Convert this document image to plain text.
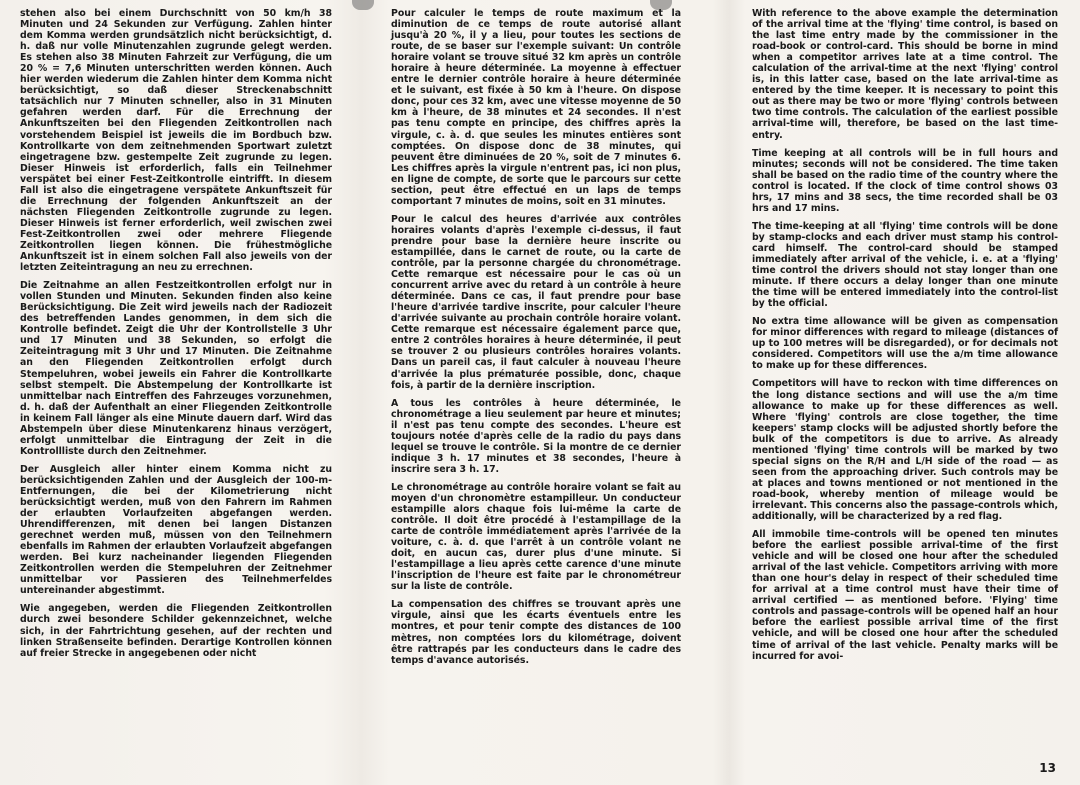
stehen also bei einem Durchschnitt von 50 km/h 38 Minuten und 24 Sekunden zur Verfügung. Zahlen hinter dem Komma werden grundsätzlich nicht berücksichtigt, d. h. daß nur volle Minutenzahlen zugrunde gelegt werden. Es stehen also 38 Minuten Fahrzeit zur Verfügung, die um 20 % = 7,6 Minuten unterschritten werden können. Auch hier werden wiederum die Zahlen hinter dem Komma nicht berücksichtigt, so daß dieser Streckenabschnitt tatsächlich nur 7 Minuten schneller, also in 31 Minuten gefahren werden darf. Für die Errechnung der Ankunftszeiten bei den Fliegenden Zeitkontrollen nach vorstehendem Beispiel ist jeweils die im Bordbuch bzw. Kontrollkarte von dem zeitnehmenden Sportwart zuletzt eingetragene bzw. gestempelte Zeit zugrunde zu legen. Dieser Hinweis ist erforderlich, falls ein Teilnehmer verspätet bei einer Fest-Zeitkontrolle eintrifft. In diesem Fall ist also die eingetragene verspätete Ankunftszeit für die Errechnung der folgenden Ankunftszeit an der nächsten Fliegenden Zeitkontrolle zugrunde zu legen. Dieser Hinweis ist ferner erforderlich, weil zwischen zwei Fest-Zeitkontrollen zwei oder mehrere Fliegende Zeitkontrollen liegen können. Die frühestmögliche Ankunftszeit ist in einem solchen Fall also jeweils von der letzten Zeiteintragung an neu zu errechnen.

Die Zeitnahme an allen Festzeitkontrollen erfolgt nur in vollen Stunden und Minuten. Sekunden finden also keine Berücksichtigung. Die Zeit wird jeweils nach der Radiozeit des betreffenden Landes genommen, in dem sich die Kontrolle befindet. Zeigt die Uhr der Kontrollstelle 3 Uhr und 17 Minuten und 38 Sekunden, so erfolgt die Zeiteintragung mit 3 Uhr und 17 Minuten. Die Zeitnahme an den Fliegenden Zeitkontrollen erfolgt durch Stempeluhren, wobei jeweils ein Fahrer die Kontrollkarte selbst stempelt. Die Abstempelung der Kontrollkarte ist unmittelbar nach Eintreffen des Fahrzeuges vorzunehmen, d. h. daß der Aufenthalt an einer Fliegenden Zeitkontrolle in keinem Fall länger als eine Minute dauern darf. Wird das Abstempeln über diese Minutenkarenz hinaus verzögert, erfolgt unmittelbar die Eintragung der Zeit in die Kontrollliste durch den Zeitnehmer.

Der Ausgleich aller hinter einem Komma nicht zu berücksichtigenden Zahlen und der Ausgleich der 100-m-Entfernungen, die bei der Kilometrierung nicht berücksichtigt werden, muß von den Fahrern im Rahmen der erlaubten Vorlaufzeiten abgefangen werden. Uhrendifferenzen, mit denen bei langen Distanzen gerechnet werden muß, müssen von den Teilnehmern ebenfalls im Rahmen der erlaubten Vorlaufzeit abgefangen werden. Bei kurz nacheinander liegenden Fliegenden Zeitkontrollen werden die Stempeluhren der Zeitnehmer unmittelbar vor Passieren des Teilnehmerfeldes untereinander abgestimmt.

Wie angegeben, werden die Fliegenden Zeitkontrollen durch zwei besondere Schilder gekennzeichnet, welche sich, in der Fahrtrichtung gesehen, auf der rechten und linken Straßenseite befinden. Derartige Kontrollen können auf freier Strecke in angegebenen oder nicht

Pour calculer le temps de route maximum et la diminution de ce temps de route autorisé allant jusqu'à 20 %, il y a lieu, pour toutes les sections de route, de se baser sur l'exemple suivant: Un contrôle horaire volant se trouve situé 32 km après un contrôle horaire à heure déterminée. La moyenne à effectuer entre le dernier contrôle horaire à heure déterminée et le suivant, est fixée à 50 km à l'heure. On dispose donc, pour ces 32 km, avec une vitesse moyenne de 50 km à l'heure, de 38 minutes et 24 secondes. Il n'est pas tenu compte en principe, des chiffres après la virgule, c. à. d. que seules les minutes entières sont comptées. On dispose donc de 38 minutes, qui peuvent être diminuées de 20 %, soit de 7 minutes 6. Les chiffres après la virgule n'entrent pas, ici non plus, en ligne de compte, de sorte que le parcours sur cette section, peut être effectué en un laps de temps comportant 7 minutes de moins, soit en 31 minutes.

Pour le calcul des heures d'arrivée aux contrôles horaires volants d'après l'exemple ci-dessus, il faut prendre pour base la dernière heure inscrite ou estampillée, dans le carnet de route, ou la carte de contrôle, par la personne chargée du chronométrage. Cette remarque est nécessaire pour le cas où un concurrent arrive avec du retard à un contrôle à heure déterminée. Dans ce cas, il faut prendre pour base l'heure d'arrivée tardive inscrite, pour calculer l'heure d'arrivée suivante au prochain contrôle horaire volant. Cette remarque est nécessaire également parce que, entre 2 contrôles horaires à heure déterminée, il peut se trouver 2 ou plusieurs contrôles horaires volants. Dans un pareil cas, il faut calculer à nouveau l'heure d'arrivée la plus prématurée possible, donc, chaque fois, à partir de la dernière inscription.

A tous les contrôles à heure déterminée, le chronométrage a lieu seulement par heure et minutes; il n'est pas tenu compte des secondes. L'heure est toujours notée d'après celle de la radio du pays dans lequel se trouve le contrôle. Si la montre de ce dernier indique 3 h. 17 minutes et 38 secondes, l'heure à inscrire sera 3 h. 17.

Le chronométrage au contrôle horaire volant se fait au moyen d'un chronomètre estampilleur. Un conducteur estampille alors chaque fois lui-même la carte de contrôle. Il doit être procédé à l'estampillage de la carte de contrôle immédiatement après l'arrivée de la voiture, c. à. d. que l'arrêt à un contrôle volant ne doit, en aucun cas, durer plus d'une minute. Si l'estampillage a lieu après cette carence d'une minute l'inscription de l'heure est faite par le chronométreur sur la liste de contrôle.

La compensation des chiffres se trouvant après une virgule, ainsi que les écarts éventuels entre les montres, et pour tenir compte des distances de 100 mètres, non comptées lors du kilométrage, doivent être rattrapés par les conducteurs dans le cadre des temps d'avance autorisés.

With reference to the above example the determination of the arrival time at the 'flying' time control, is based on the last time entry made by the commissioner in the road-book or control-card. This should be borne in mind when a competitor arrives late at a time control. The calculation of the arrival-time at the next 'flying' control is, in this latter case, based on the late arrival-time as entered by the time keeper. It is necessary to point this out as there may be two or more 'flying' controls between two time controls. The calculation of the earliest possible arrival-time will, therefore, be based on the last time-entry.

Time keeping at all controls will be in full hours and minutes; seconds will not be considered. The time taken shall be based on the radio time of the country where the control is located. If the clock of time control shows 03 hrs, 17 mins and 38 secs, the time recorded shall be 03 hrs and 17 mins.

The time-keeping at all 'flying' time controls will be done by stamp-clocks and each driver must stamp his control-card himself. The control-card should be stamped immediately after arrival of the vehicle, i. e. at a 'flying' time control the drivers should not stay longer than one minute. If there occurs a delay longer than one minute the time will be entered immediately into the control-list by the official.

No extra time allowance will be given as compensation for minor differences with regard to mileage (distances of up to 100 metres will be disregarded), or for decimals not considered. Competitors will use the a/m time allowance to make up for these differences.

Competitors will have to reckon with time differences on the long distance sections and will use the a/m time allowance to make up for these differences as well. Where 'flying' controls are close together, the time keepers' stamp clocks will be adjusted shortly before the bulk of the competitors is due to arrive. As already mentioned 'flying' time controls will be marked by two special signs on the R/H and L/H side of the road — as seen from the approaching driver. Such controls may be at places and towns mentioned or not mentioned in the road-book, whereby mention of mileage would be irrelevant. This concerns also the passage-controls which, additionally, will be characterized by a red flag.

All immobile time-controls will be opened ten minutes before the earliest possible arrival-time of the first vehicle and will be closed one hour after the scheduled arrival of the last vehicle. Competitors arriving with more than one hour's delay in respect of their scheduled time for arrival at a time control must have their time of arrival certified — as mentioned before. 'Flying' time controls and passage-controls will be opened half an hour before the earliest possible arrival time of the first vehicle, and will be closed one hour after the scheduled time of arrival of the last vehicle. Penalty marks will be incurred for avoi-

13
